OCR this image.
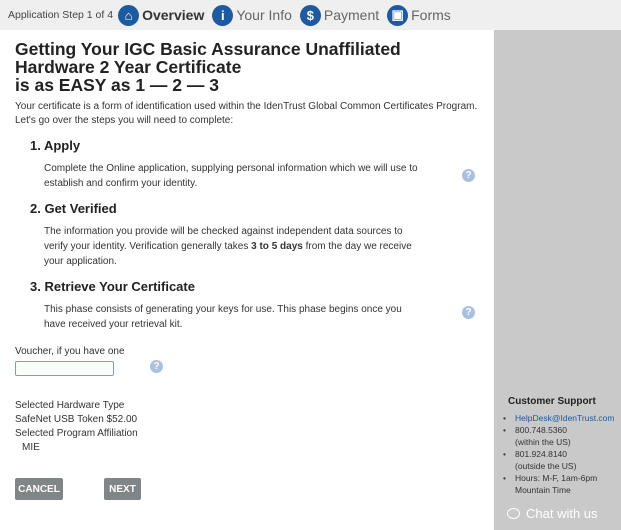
Application Step 1 of 4 ⌂ Overview	i Your Info	$ Payment ▣ Forms
Getting Your IGC Basic Assurance Unaffiliated
Hardware 2 Year Certificate
is as EASY as 1 — 2 — 3

Your certificate is a form of identification used within the IdenTrust Global Common Certificates Program. Let's go over the steps you will need to complete:

1. Apply

Complete the Online application, supplying personal information which we will use to establish and confirm your identity.

2. Get Verified

The information you provide will be checked against independent data sources to verify your identity. Verification generally takes 3 to 5 days from the day we receive your application.

3. Retrieve Your Certificate

This phase consists of generating your keys for use. This phase begins once you have received your retrieval kit.

?
?
Voucher, if you have one
?
Selected Hardware Type
SafeNet USB Token $52.00
Selected Program Affiliation
MIE
CANCEL	NEXT
Customer Support
• HelpDesk@IdenTrust.com
• 800.748.5360
(within the US)
• 801.924.8140
(outside the US)
• Hours: M-F, 1am-6pm
Mountain Time
Chat with us
